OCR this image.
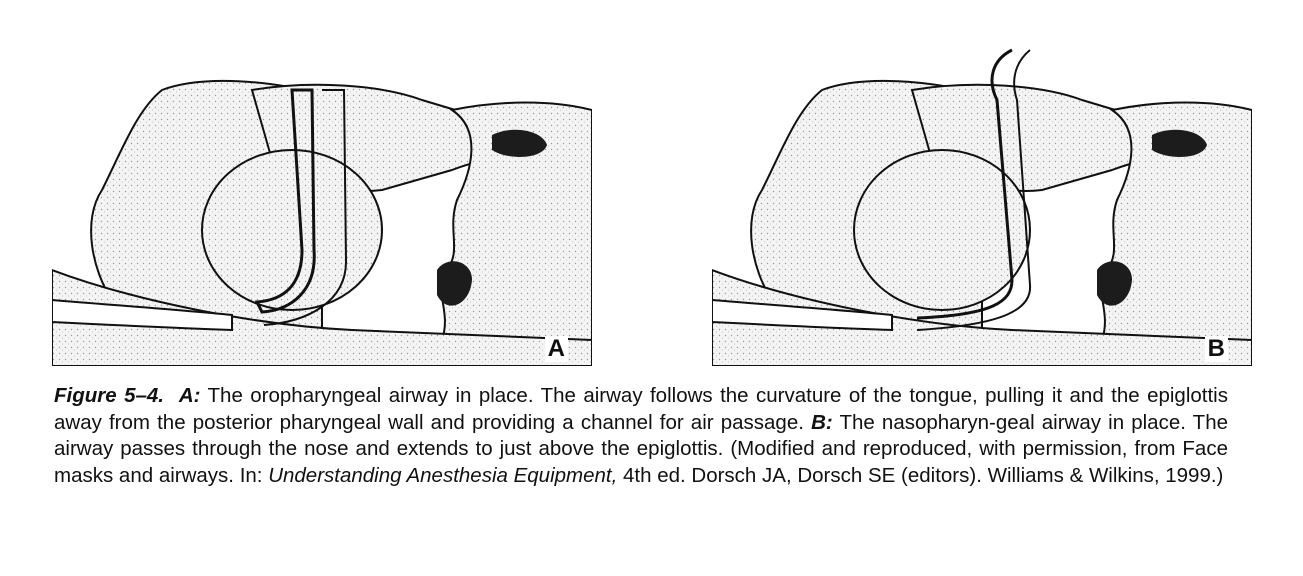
A	B
Figure 5–4. A: The oropharyngeal airway in place. The airway follows the curvature of the tongue, pulling it and the epiglottis away from the posterior pharyngeal wall and providing a channel for air passage. B: The nasopharyn-geal airway in place. The airway passes through the nose and extends to just above the epiglottis. (Modified and reproduced, with permission, from Face masks and airways. In: Understanding Anesthesia Equipment, 4th ed. Dorsch JA, Dorsch SE (editors). Williams & Wilkins, 1999.)
